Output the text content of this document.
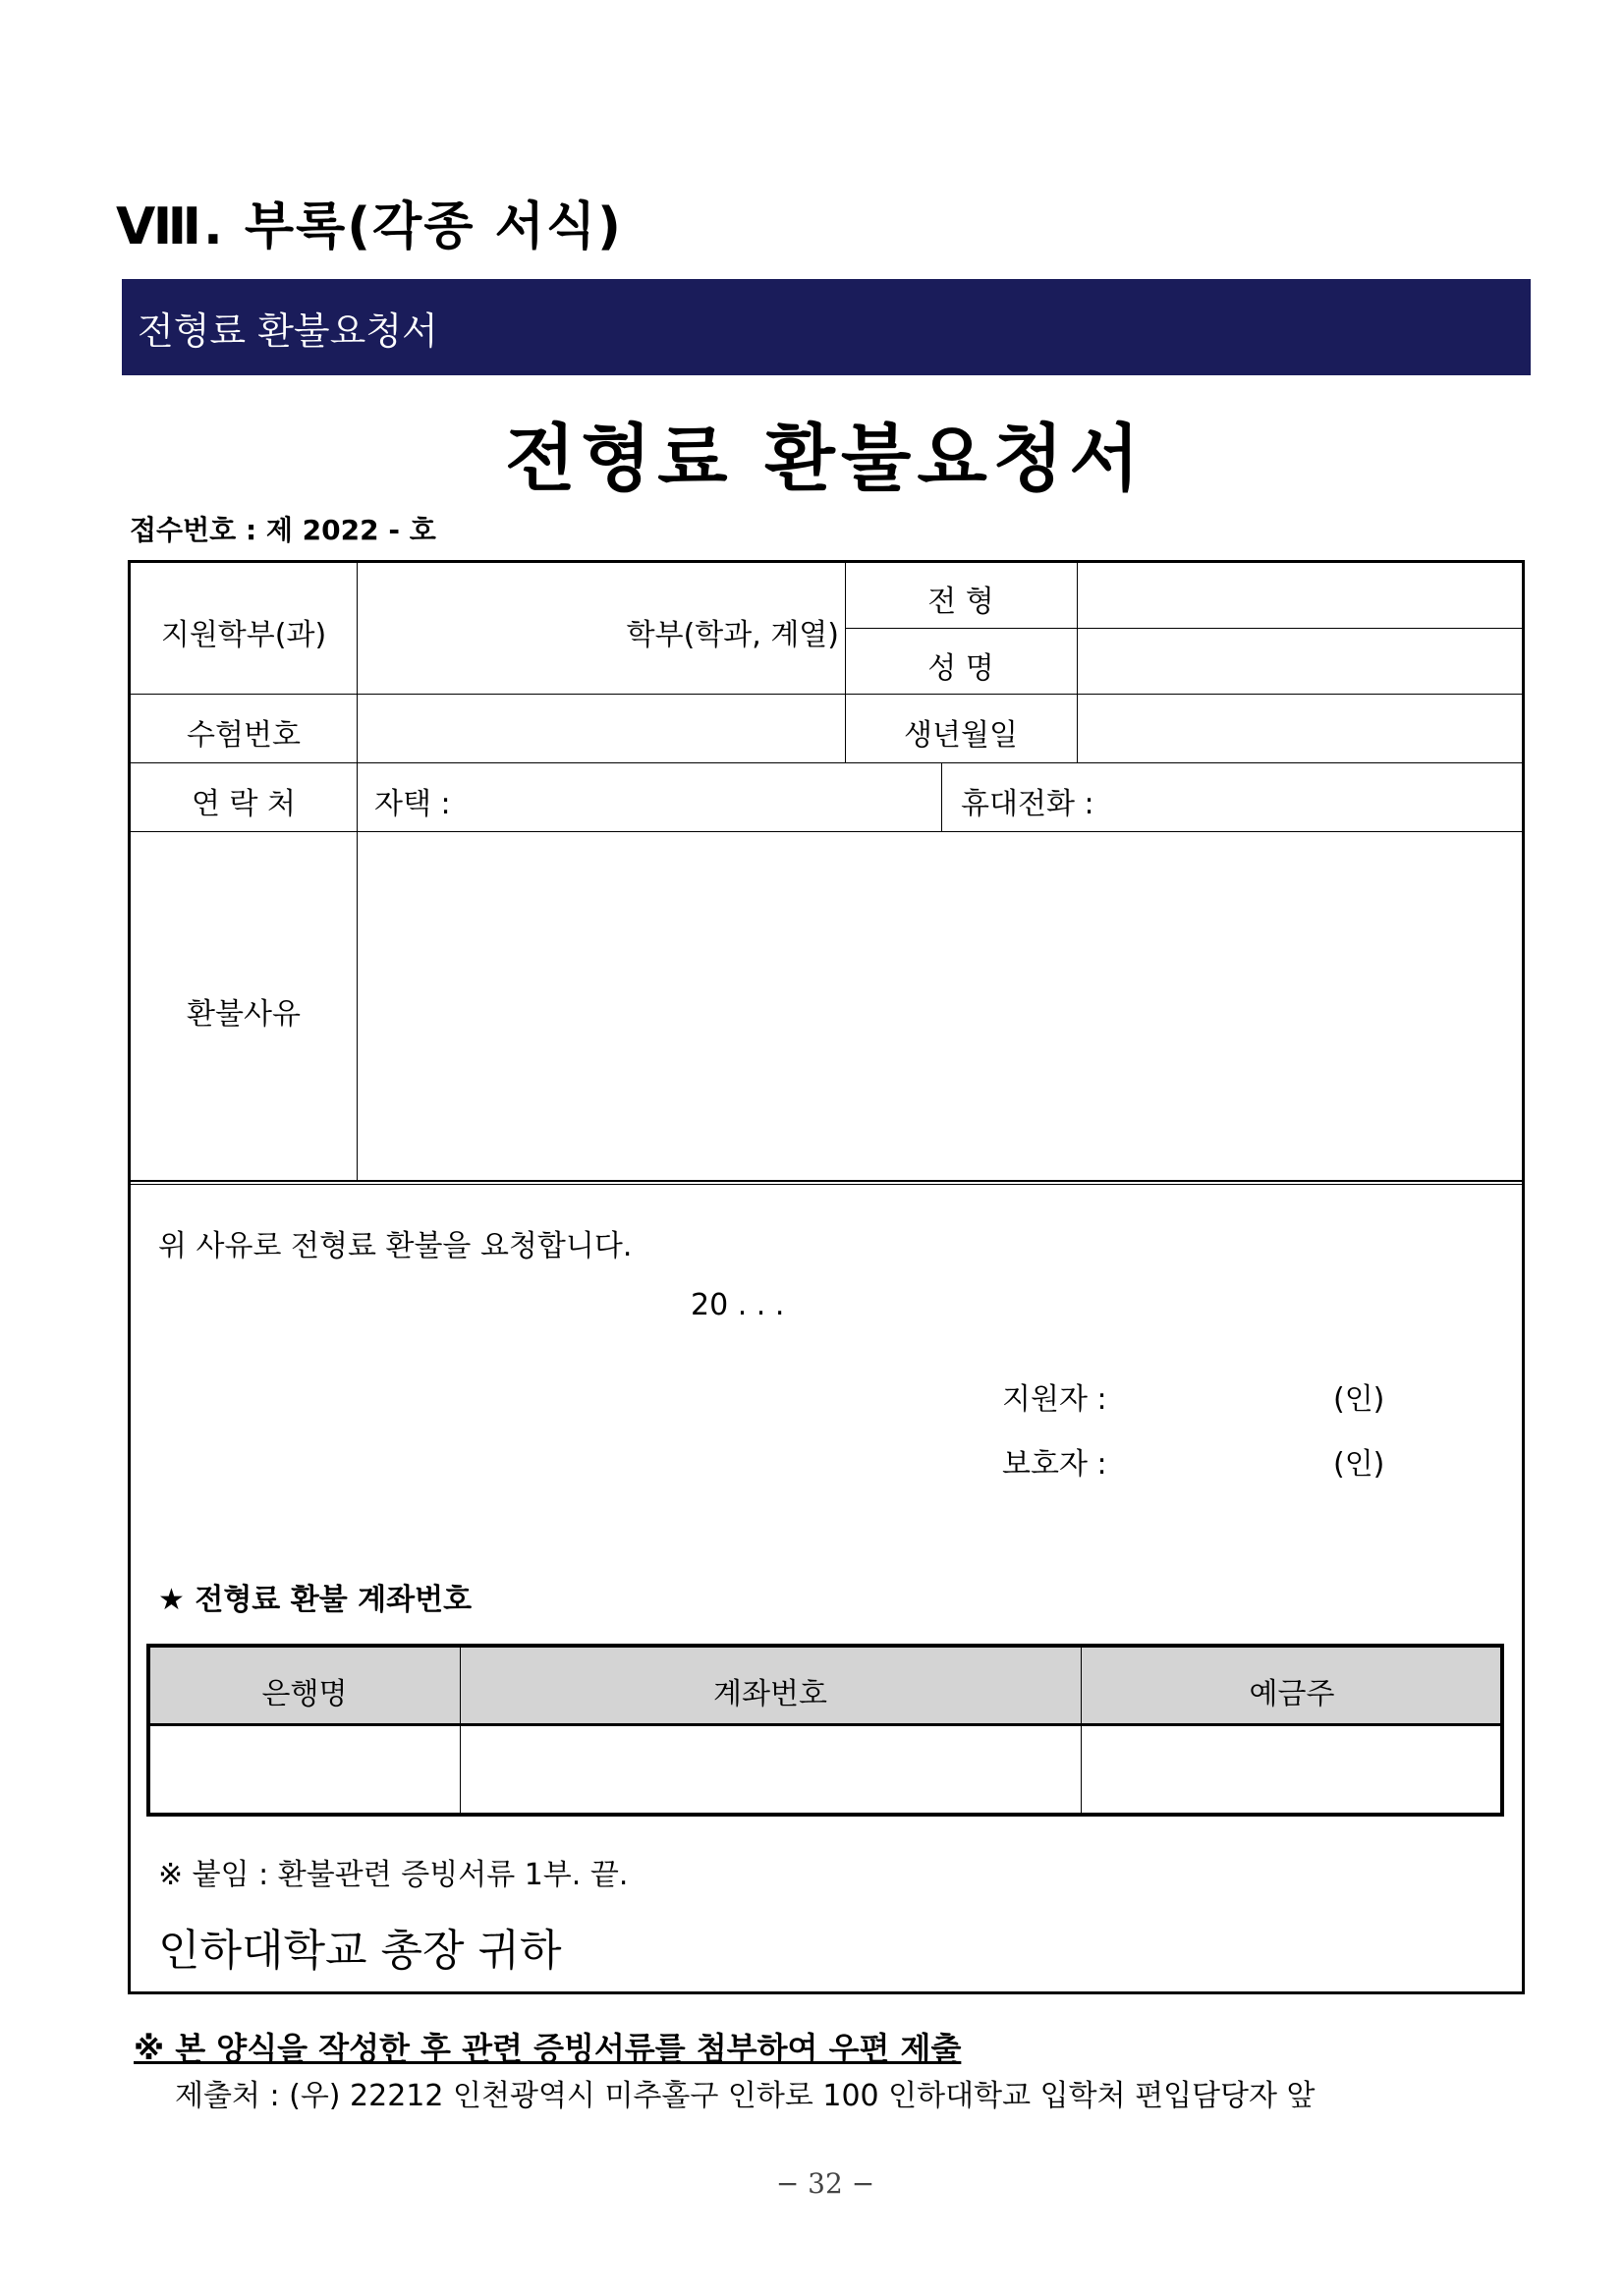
Ⅷ. 부록(각종 서식)
전형료 환불요청서
전형료 환불요청서
접수번호 : 제 2022 - 호
지원학부(과)	학부(학과, 계열)
전 형
성 명
수험번호	생년월일
연 락 처	자택 :	휴대전화 :
환불사유
위 사유로 전형료 환불을 요청합니다.
20 . . .
지원자 :	(인)
보호자 :	(인)
★ 전형료 환불 계좌번호
※ 붙임 : 환불관련 증빙서류 1부. 끝.
인하대학교 총장 귀하
은행명	계좌번호	예금주
※ 본 양식을 작성한 후 관련 증빙서류를 첨부하여 우편 제출
제출처 : (우) 22212 인천광역시 미추홀구 인하로 100 인하대학교 입학처 편입담당자 앞
− 32 −
